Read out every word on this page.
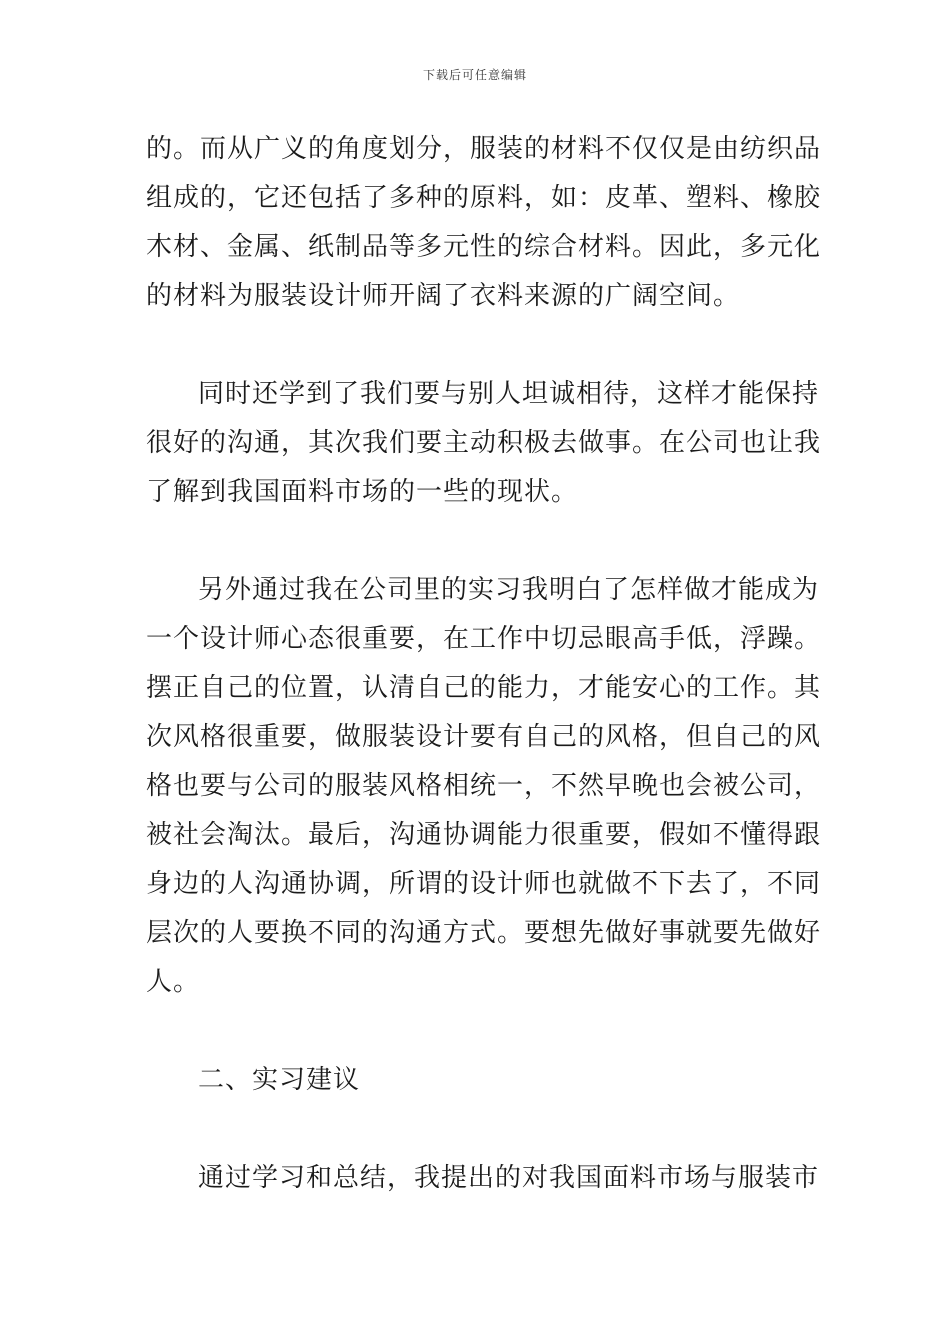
下载后可任意编辑
的。而从广义的角度划分，服装的材料不仅仅是由纺织品
组成的，它还包括了多种的原料，如：皮革、塑料、橡胶
木材、金属、纸制品等多元性的综合材料。因此，多元化
的材料为服装设计师开阔了衣料来源的广阔空间。
同时还学到了我们要与别人坦诚相待，这样才能保持
很好的沟通，其次我们要主动积极去做事。在公司也让我
了解到我国面料市场的一些的现状。
另外通过我在公司里的实习我明白了怎样做才能成为
一个设计师心态很重要，在工作中切忌眼高手低，浮躁。
摆正自己的位置，认清自己的能力，才能安心的工作。其
次风格很重要，做服装设计要有自己的风格，但自己的风
格也要与公司的服装风格相统一，不然早晚也会被公司，
被社会淘汰。最后，沟通协调能力很重要，假如不懂得跟
身边的人沟通协调，所谓的设计师也就做不下去了，不同
层次的人要换不同的沟通方式。要想先做好事就要先做好
人。
二、实习建议
通过学习和总结，我提出的对我国面料市场与服装市
